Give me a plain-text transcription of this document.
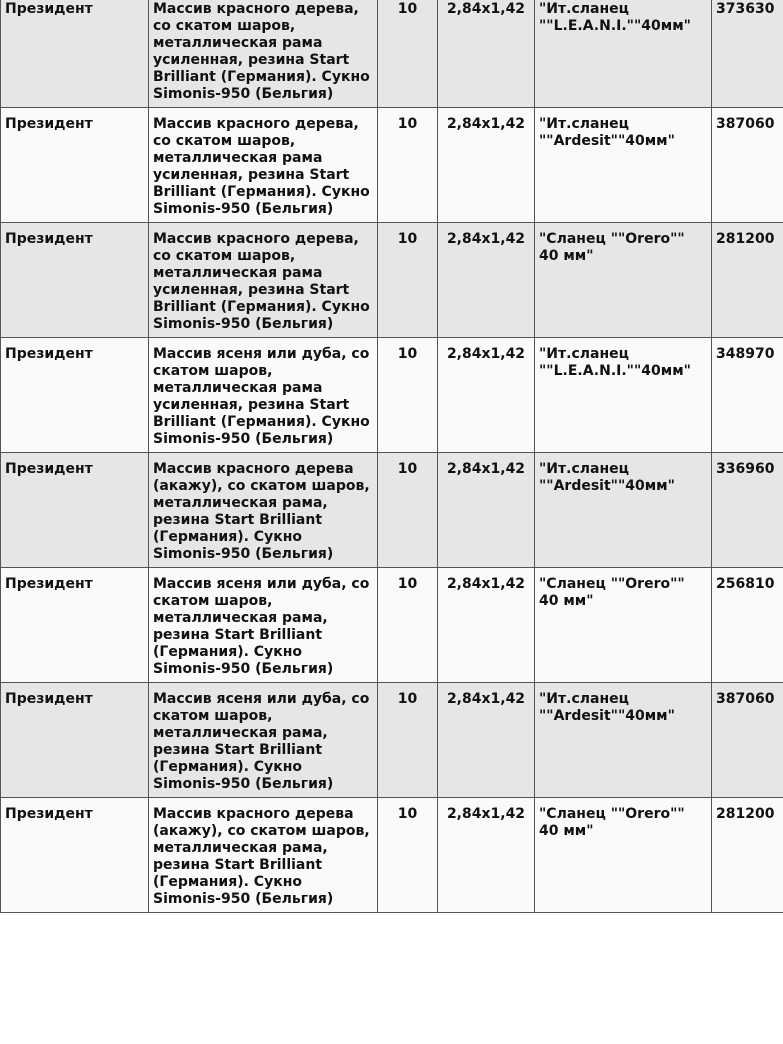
Президент	Массив красного дерева, со скатом шаров, металлическая рама усиленная, резина Start Brilliant (Германия). Сукно Simonis-950 (Бельгия)	10	2,84x1,42	"Ит.сланец ""L.E.A.N.I.""40мм"	373630
Президент	Массив красного дерева, со скатом шаров, металлическая рама усиленная, резина Start Brilliant (Германия). Сукно Simonis-950 (Бельгия)	10	2,84x1,42	"Ит.сланец ""Ardesit""40мм"	387060
Президент	Массив красного дерева, со скатом шаров, металлическая рама усиленная, резина Start Brilliant (Германия). Сукно Simonis-950 (Бельгия)	10	2,84x1,42	"Сланец ""Orero"" 40 мм"	281200
Президент	Массив ясеня или дуба, со скатом шаров, металлическая рама усиленная, резина Start Brilliant (Германия). Сукно Simonis-950 (Бельгия)	10	2,84x1,42	"Ит.сланец ""L.E.A.N.I.""40мм"	348970
Президент	Массив красного дерева (акажу), со скатом шаров, металлическая рама, резина Start Brilliant (Германия). Сукно Simonis-950 (Бельгия)	10	2,84x1,42	"Ит.сланец ""Ardesit""40мм"	336960
Президент	Массив ясеня или дуба, со скатом шаров, металлическая рама, резина Start Brilliant (Германия). Сукно Simonis-950 (Бельгия)	10	2,84x1,42	"Сланец ""Orero"" 40 мм"	256810
Президент	Массив ясеня или дуба, со скатом шаров, металлическая рама, резина Start Brilliant (Германия). Сукно Simonis-950 (Бельгия)	10	2,84x1,42	"Ит.сланец ""Ardesit""40мм"	387060
Президент	Массив красного дерева (акажу), со скатом шаров, металлическая рама, резина Start Brilliant (Германия). Сукно Simonis-950 (Бельгия)	10	2,84x1,42	"Сланец ""Orero"" 40 мм"	281200
